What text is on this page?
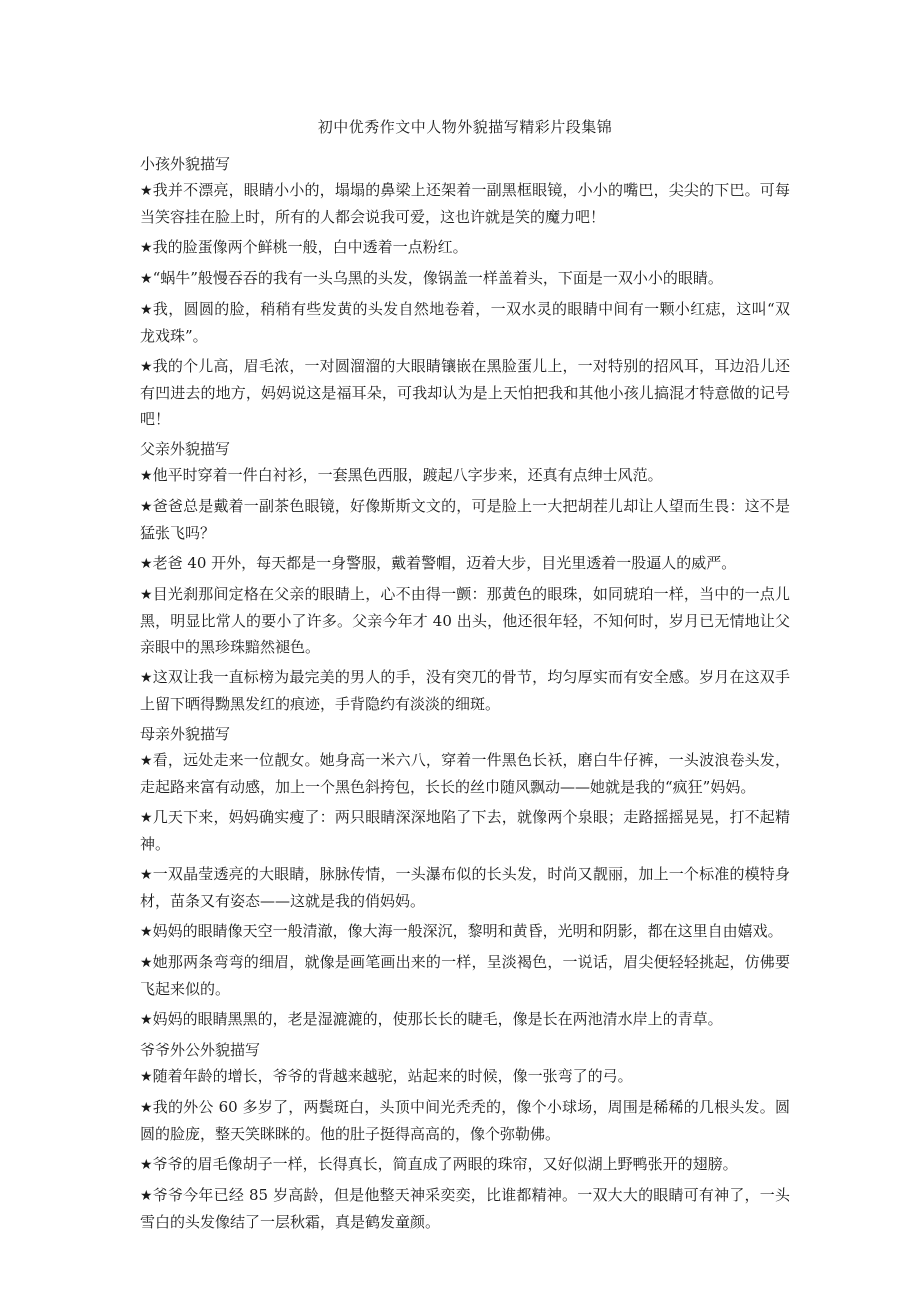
初中优秀作文中人物外貌描写精彩片段集锦

小孩外貌描写

★我并不漂亮，眼睛小小的，塌塌的鼻梁上还架着一副黑框眼镜，小小的嘴巴，尖尖的下巴。可每当笑容挂在脸上时，所有的人都会说我可爱，这也许就是笑的魔力吧！

★我的脸蛋像两个鲜桃一般，白中透着一点粉红。

★“蜗牛”般慢吞吞的我有一头乌黑的头发，像锅盖一样盖着头，下面是一双小小的眼睛。

★我，圆圆的脸，稍稍有些发黄的头发自然地卷着，一双水灵的眼睛中间有一颗小红痣，这叫“双龙戏珠”。

★我的个儿高，眉毛浓，一对圆溜溜的大眼睛镶嵌在黑脸蛋儿上，一对特别的招风耳，耳边沿儿还有凹进去的地方，妈妈说这是福耳朵，可我却认为是上天怕把我和其他小孩儿搞混才特意做的记号吧！

父亲外貌描写

★他平时穿着一件白衬衫，一套黑色西服，踱起八字步来，还真有点绅士风范。

★爸爸总是戴着一副茶色眼镜，好像斯斯文文的，可是脸上一大把胡茬儿却让人望而生畏：这不是猛张飞吗？

★老爸 40 开外，每天都是一身警服，戴着警帽，迈着大步，目光里透着一股逼人的威严。

★目光刹那间定格在父亲的眼睛上，心不由得一颤：那黄色的眼珠，如同琥珀一样，当中的一点儿黑，明显比常人的要小了许多。父亲今年才 40 出头，他还很年轻，不知何时，岁月已无情地让父亲眼中的黑珍珠黯然褪色。

★这双让我一直标榜为最完美的男人的手，没有突兀的骨节，均匀厚实而有安全感。岁月在这双手上留下晒得黝黑发红的痕迹，手背隐约有淡淡的细斑。

母亲外貌描写

★看，远处走来一位靓女。她身高一米六八，穿着一件黑色长袄，磨白牛仔裤，一头波浪卷头发，走起路来富有动感，加上一个黑色斜挎包，长长的丝巾随风飘动——她就是我的“疯狂”妈妈。

★几天下来，妈妈确实瘦了：两只眼睛深深地陷了下去，就像两个泉眼；走路摇摇晃晃，打不起精神。

★一双晶莹透亮的大眼睛，脉脉传情，一头瀑布似的长头发，时尚又靓丽，加上一个标准的模特身材，苗条又有姿态——这就是我的俏妈妈。

★妈妈的眼睛像天空一般清澈，像大海一般深沉，黎明和黄昏，光明和阴影，都在这里自由嬉戏。

★她那两条弯弯的细眉，就像是画笔画出来的一样，呈淡褐色，一说话，眉尖便轻轻挑起，仿佛要飞起来似的。

★妈妈的眼睛黑黑的，老是湿漉漉的，使那长长的睫毛，像是长在两池清水岸上的青草。

爷爷外公外貌描写

★随着年龄的增长，爷爷的背越来越驼，站起来的时候，像一张弯了的弓。

★我的外公 60 多岁了，两鬓斑白，头顶中间光秃秃的，像个小球场，周围是稀稀的几根头发。圆圆的脸庞，整天笑眯眯的。他的肚子挺得高高的，像个弥勒佛。

★爷爷的眉毛像胡子一样，长得真长，简直成了两眼的珠帘，又好似湖上野鸭张开的翅膀。

★爷爷今年已经 85 岁高龄，但是他整天神采奕奕，比谁都精神。一双大大的眼睛可有神了，一头雪白的头发像结了一层秋霜，真是鹤发童颜。
